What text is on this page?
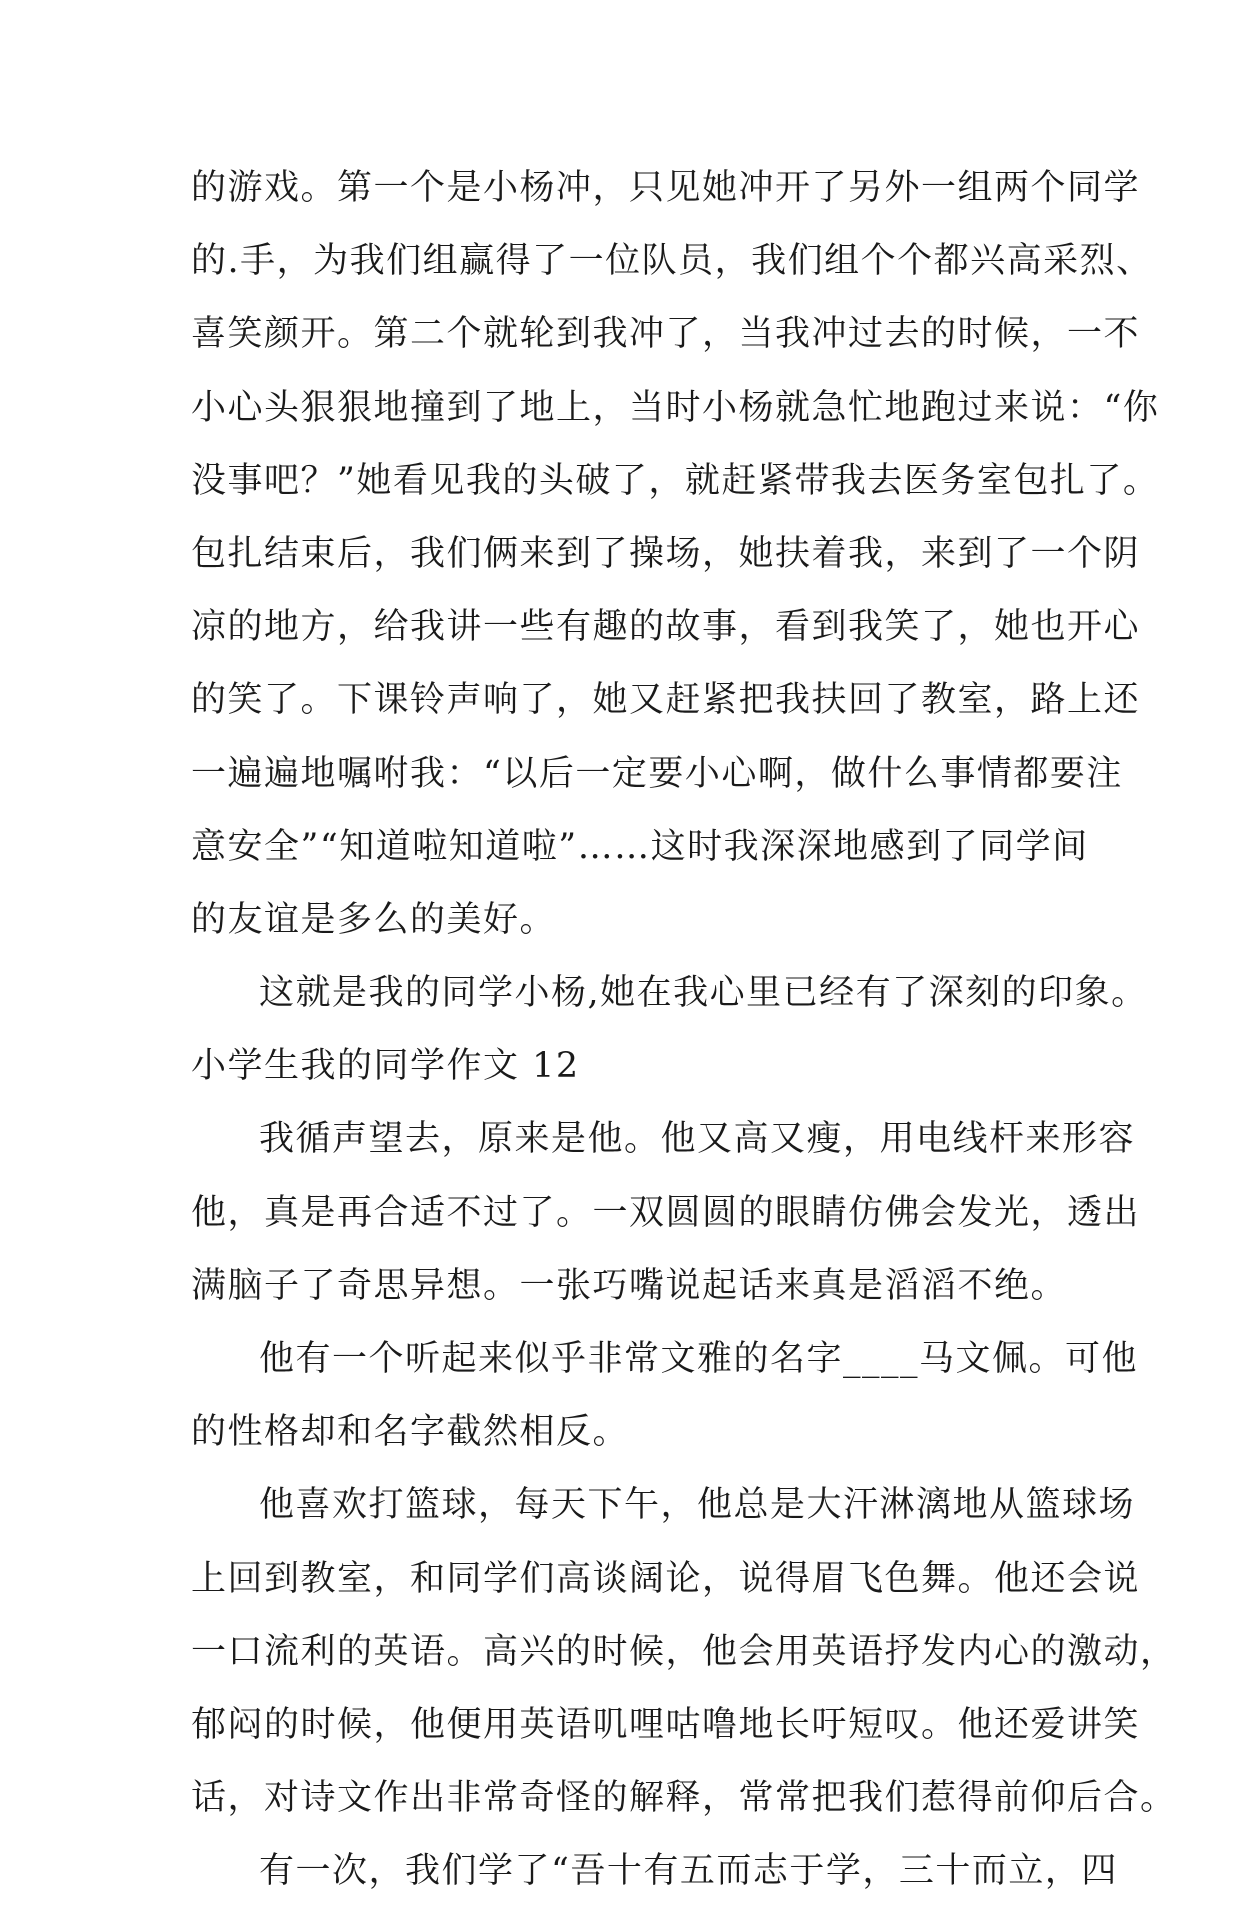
的游戏。第一个是小杨冲，只见她冲开了另外一组两个同学
的.手，为我们组赢得了一位队员，我们组个个都兴高采烈、
喜笑颜开。第二个就轮到我冲了，当我冲过去的时候，一不
小心头狠狠地撞到了地上，当时小杨就急忙地跑过来说：“你
没事吧？”她看见我的头破了，就赶紧带我去医务室包扎了。
包扎结束后，我们俩来到了操场，她扶着我，来到了一个阴
凉的地方，给我讲一些有趣的故事，看到我笑了，她也开心
的笑了。下课铃声响了，她又赶紧把我扶回了教室，路上还
一遍遍地嘱咐我：“以后一定要小心啊，做什么事情都要注
意安全”“知道啦知道啦”……这时我深深地感到了同学间
的友谊是多么的美好。
这就是我的同学小杨,她在我心里已经有了深刻的印象。
小学生我的同学作文 12
我循声望去，原来是他。他又高又瘦，用电线杆来形容
他，真是再合适不过了。一双圆圆的眼睛仿佛会发光，透出
满脑子了奇思异想。一张巧嘴说起话来真是滔滔不绝。
他有一个听起来似乎非常文雅的名字____马文佩。可他
的性格却和名字截然相反。
他喜欢打篮球，每天下午，他总是大汗淋漓地从篮球场
上回到教室，和同学们高谈阔论，说得眉飞色舞。他还会说
一口流利的英语。高兴的时候，他会用英语抒发内心的激动，
郁闷的时候，他便用英语叽哩咕噜地长吁短叹。他还爱讲笑
话，对诗文作出非常奇怪的解释，常常把我们惹得前仰后合。
有一次，我们学了“吾十有五而志于学，三十而立，四
